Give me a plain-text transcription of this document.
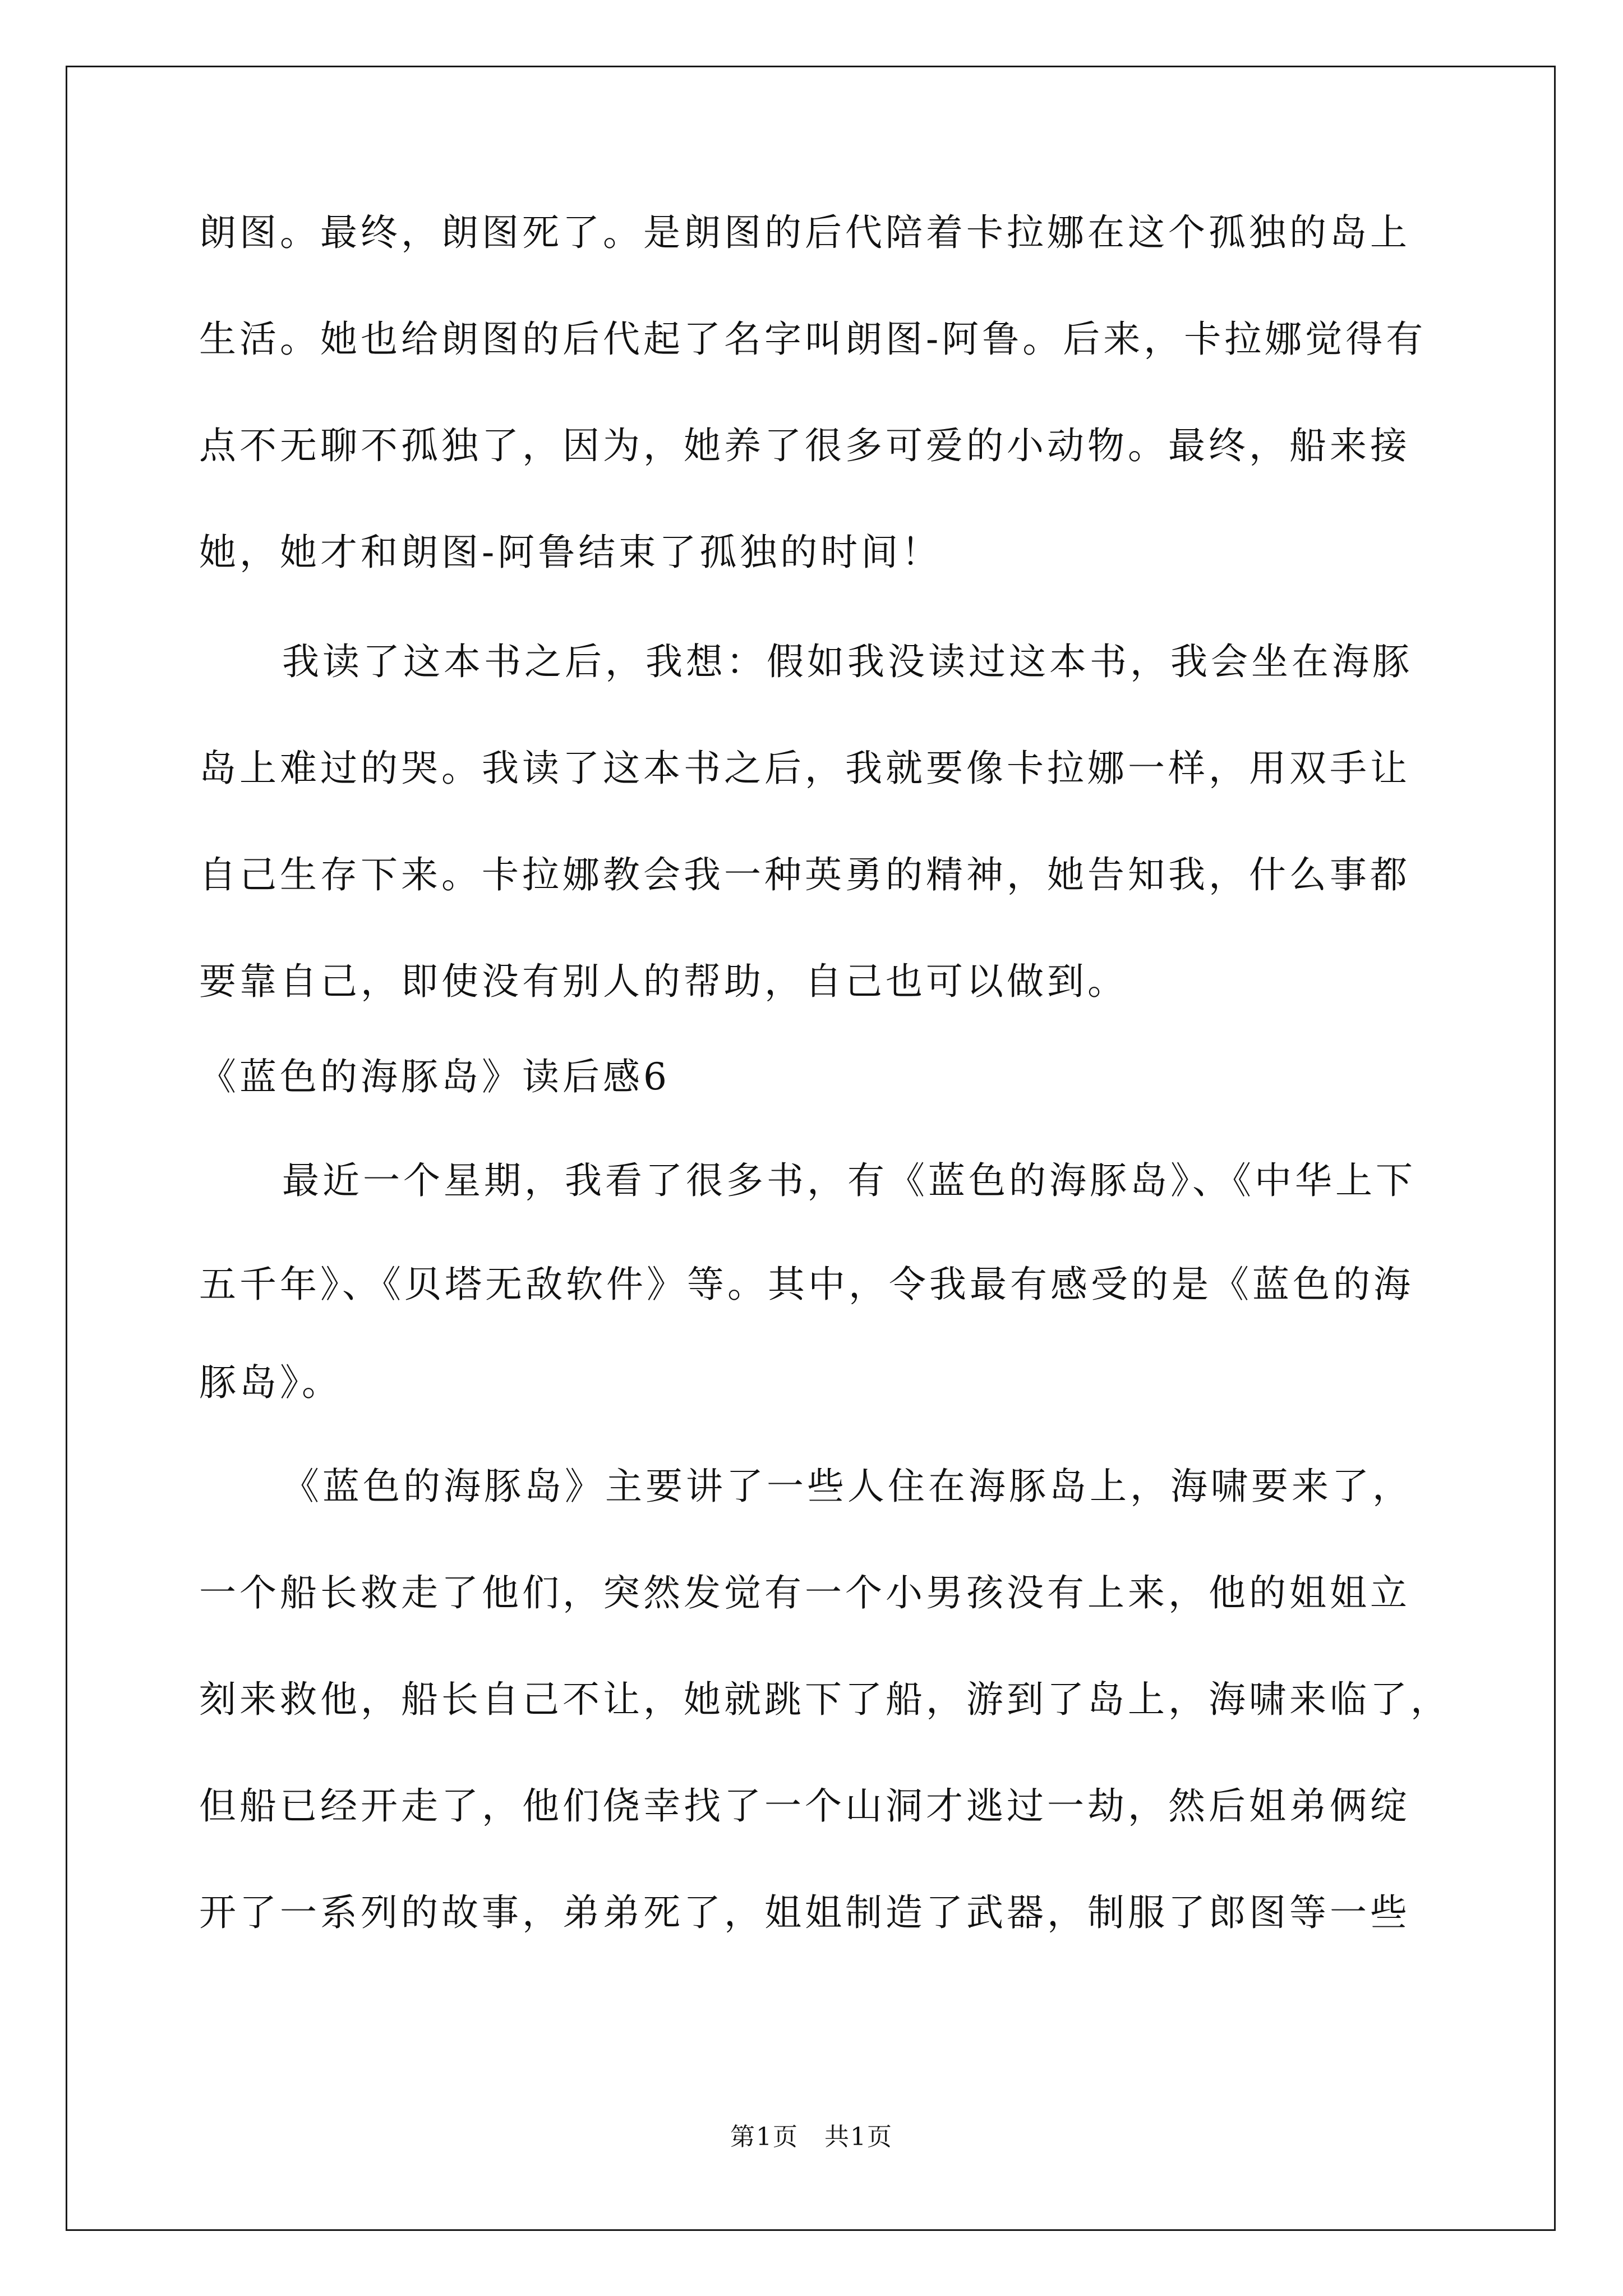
朗图。最终，朗图死了。是朗图的后代陪着卡拉娜在这个孤独的岛上
生活。她也给朗图的后代起了名字叫朗图-阿鲁。后来，卡拉娜觉得有
点不无聊不孤独了，因为，她养了很多可爱的小动物。最终，船来接
她，她才和朗图-阿鲁结束了孤独的时间！
我读了这本书之后，我想：假如我没读过这本书，我会坐在海豚
岛上难过的哭。我读了这本书之后，我就要像卡拉娜一样，用双手让
自己生存下来。卡拉娜教会我一种英勇的精神，她告知我，什么事都
要靠自己，即使没有别人的帮助，自己也可以做到。
《蓝色的海豚岛》读后感6
最近一个星期，我看了很多书，有《蓝色的海豚岛》、《中华上下
五千年》、《贝塔无敌软件》等。其中，令我最有感受的是《蓝色的海
豚岛》。
《蓝色的海豚岛》主要讲了一些人住在海豚岛上，海啸要来了，
一个船长救走了他们，突然发觉有一个小男孩没有上来，他的姐姐立
刻来救他，船长自己不让，她就跳下了船，游到了岛上，海啸来临了，
但船已经开走了，他们侥幸找了一个山洞才逃过一劫，然后姐弟俩绽
开了一系列的故事，弟弟死了，姐姐制造了武器，制服了郎图等一些
第1页　共1页
